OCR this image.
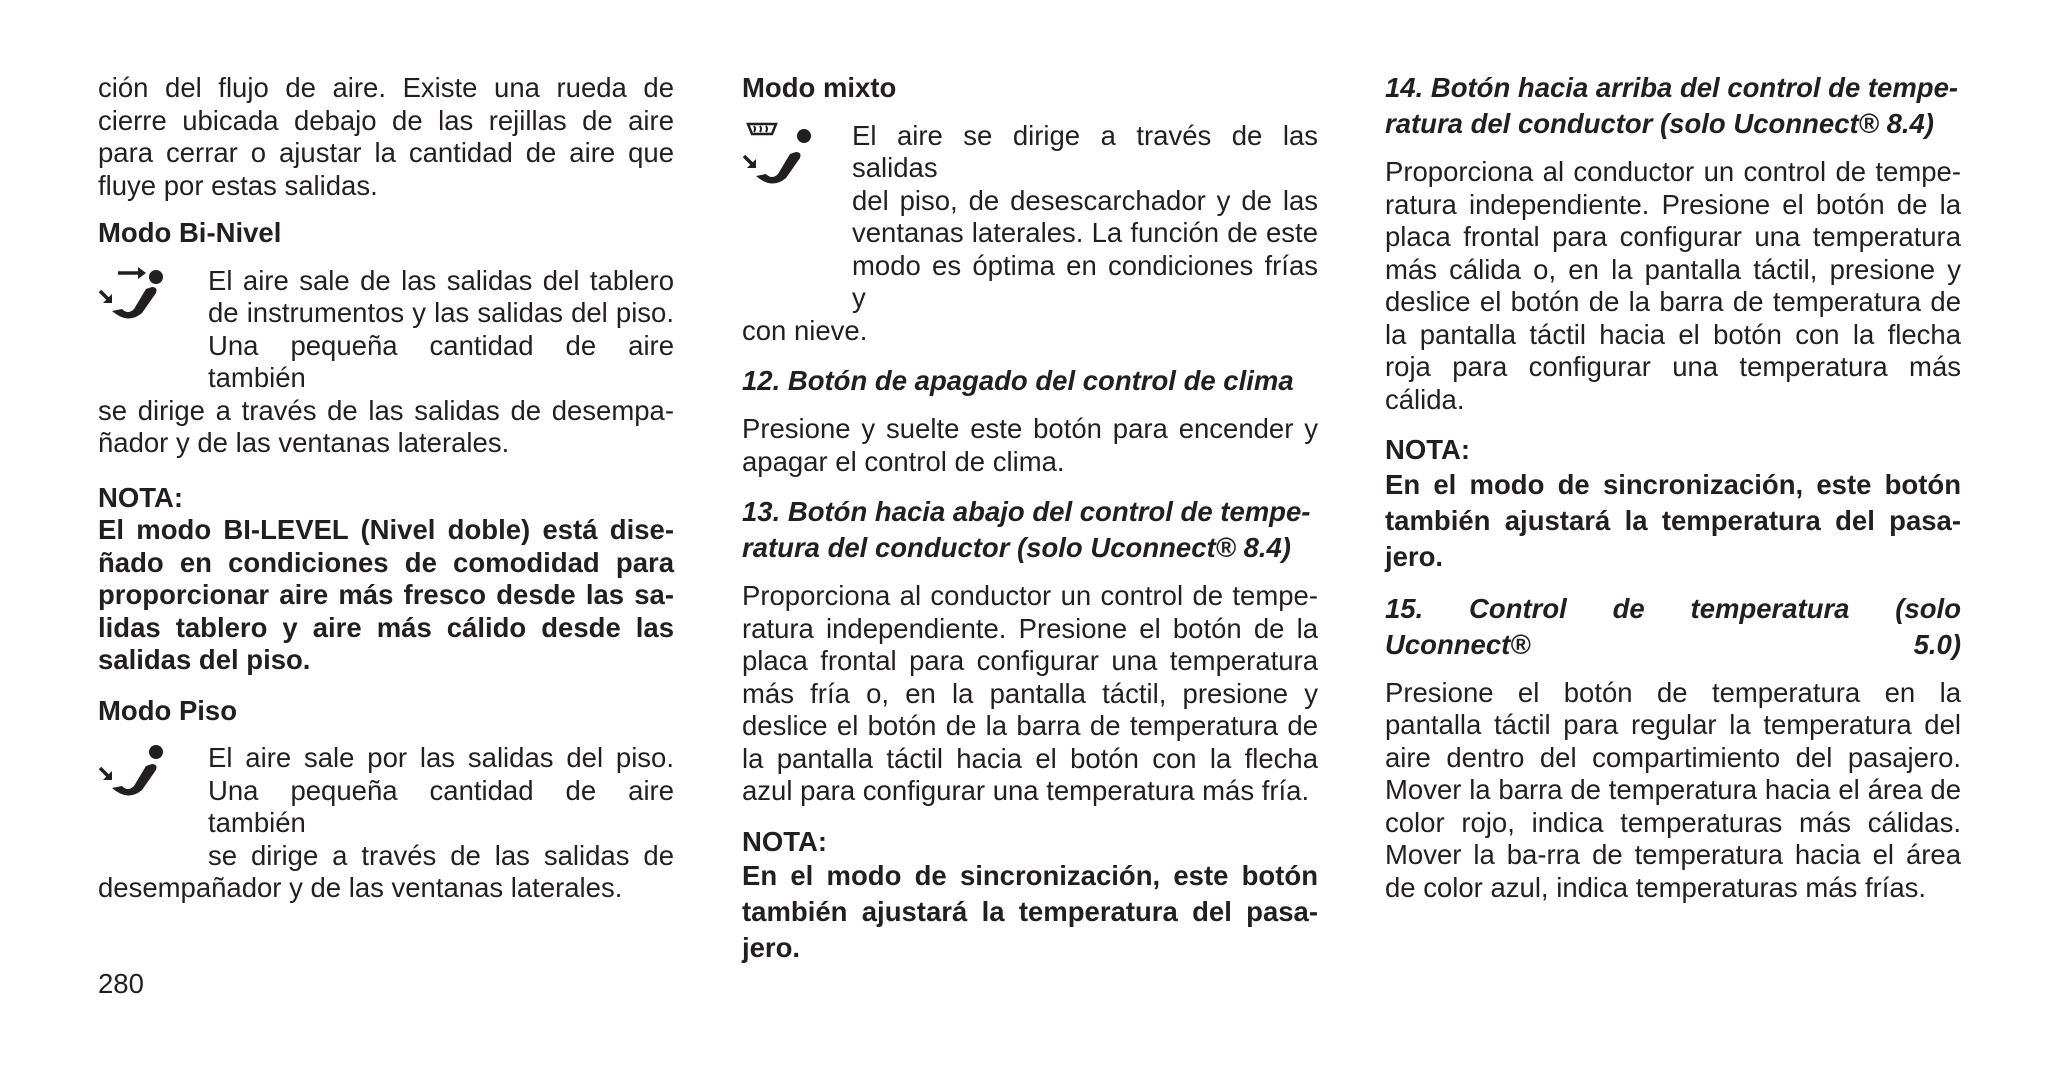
ción del flujo de aire. Existe una rueda de cierre ubicada debajo de las rejillas de aire para cerrar o ajustar la cantidad de aire que fluye por estas salidas.

Modo Bi-Nivel

El aire sale de las salidas del tablero

de instrumentos y las salidas del piso.

Una pequeña cantidad de aire también

se dirige a través de las salidas de desempa-ñador y de las ventanas laterales.

NOTA:
El modo BI-LEVEL (Nivel doble) está dise-ñado en condiciones de comodidad para proporcionar aire más fresco desde las sa-lidas tablero y aire más cálido desde las salidas del piso.
Modo Piso

El aire sale por las salidas del piso.

Una pequeña cantidad de aire también

se dirige a través de las salidas de

desempañador y de las ventanas laterales.

Modo mixto

El aire se dirige a través de las salidas

del piso, de desescarchador y de las

ventanas laterales. La función de este

modo es óptima en condiciones frías y

con nieve.

12. Botón de apagado del control de clima

Presione y suelte este botón para encender y apagar el control de clima.

13. Botón hacia abajo del control de tempe-ratura del conductor (solo Uconnect® 8.4)

Proporciona al conductor un control de tempe-ratura independiente. Presione el botón de la placa frontal para configurar una temperatura más fría o, en la pantalla táctil, presione y deslice el botón de la barra de temperatura de la pantalla táctil hacia el botón con la flecha azul para configurar una temperatura más fría.

NOTA:
En el modo de sincronización, este botón también ajustará la temperatura del pasa-jero.
14. Botón hacia arriba del control de tempe-ratura del conductor (solo Uconnect® 8.4)

Proporciona al conductor un control de tempe-ratura independiente. Presione el botón de la placa frontal para configurar una temperatura más cálida o, en la pantalla táctil, presione y deslice el botón de la barra de temperatura de la pantalla táctil hacia el botón con la flecha roja para configurar una temperatura más cálida.

NOTA:
En el modo de sincronización, este botón también ajustará la temperatura del pasa-jero.
15. Control de temperatura (solo Uconnect® 5.0)

Presione el botón de temperatura en la pantalla táctil para regular la temperatura del aire dentro del compartimiento del pasajero. Mover la barra de temperatura hacia el área de color rojo, indica temperaturas más cálidas. Mover la ba-rra de temperatura hacia el área de color azul, indica temperaturas más frías.

280
